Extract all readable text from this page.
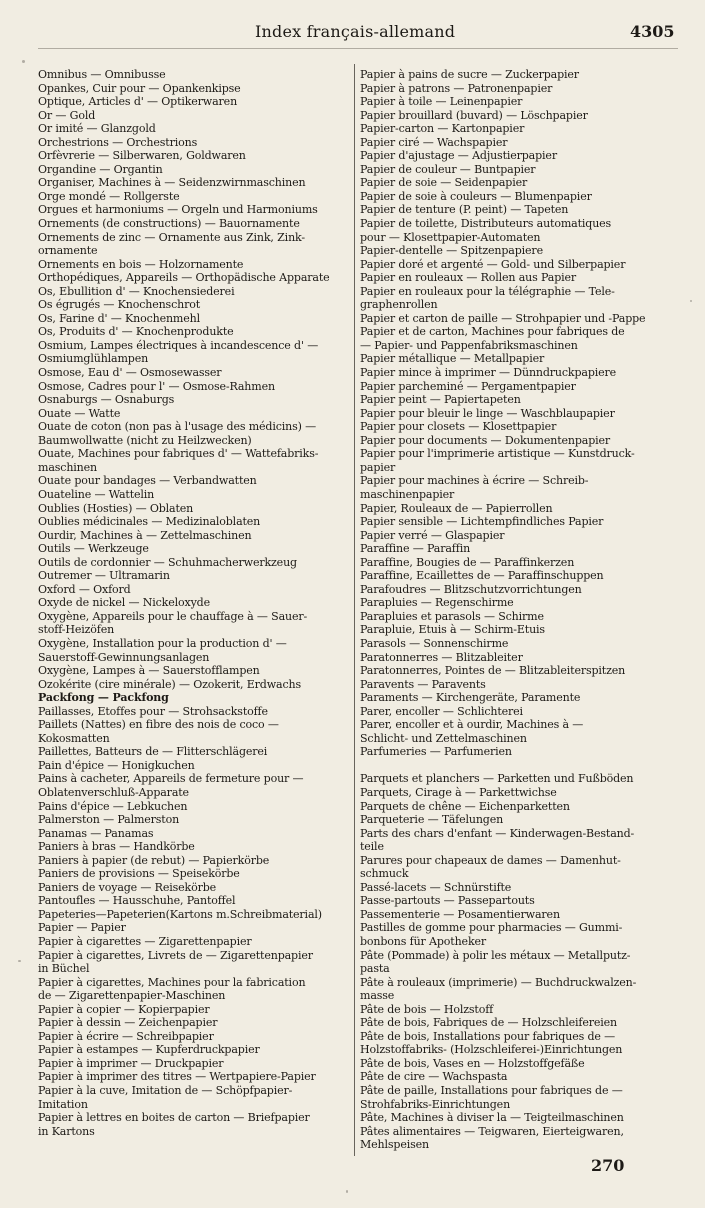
Index français-allemand	4305
Omnibus — Omnibusse
Opankes, Cuir pour — Opankenkipse
Optique, Articles d' — Optikerwaren
Or — Gold
Or imité — Glanzgold
Orchestrions — Orchestrions
Orfèvrerie — Silberwaren, Goldwaren
Organdine — Organtin
Organiser, Machines à — Seidenzwirnmaschinen
Orge mondé — Rollgerste
Orgues et harmoniums — Orgeln und Harmoniums
Ornements (de constructions) — Bauornamente
Ornements de zinc — Ornamente aus Zink, Zink-
ornamente
Ornements en bois — Holzornamente
Orthopédiques, Appareils — Orthopädische Apparate
Os, Ebullition d' — Knochensiederei
Os égrugés — Knochenschrot
Os, Farine d' — Knochenmehl
Os, Produits d' — Knochenprodukte
Osmium, Lampes électriques à incandescence d' —
Osmiumglühlampen
Osmose, Eau d' — Osmosewasser
Osmose, Cadres pour l' — Osmose-Rahmen
Osnaburgs — Osnaburgs
Ouate — Watte
Ouate de coton (non pas à l'usage des médicins) —
Baumwollwatte (nicht zu Heilzwecken)
Ouate, Machines pour fabriques d' — Wattefabriks-
maschinen
Ouate pour bandages — Verbandwatten
Ouateline — Wattelin
Oublies (Hosties) — Oblaten
Oublies médicinales — Medizinaloblaten
Ourdir, Machines à — Zettelmaschinen
Outils — Werkzeuge
Outils de cordonnier — Schuhmacherwerkzeug
Outremer — Ultramarin
Oxford — Oxford
Oxyde de nickel — Nickeloxyde
Oxygène, Appareils pour le chauffage à — Sauer-
stoff-Heizöfen
Oxygène, Installation pour la production d' —
Sauerstoff-Gewinnungsanlagen
Oxygène, Lampes à — Sauerstofflampen
Ozokérite (cire minérale) — Ozokerit, Erdwachs
Packfong — Packfong
Paillasses, Etoffes pour — Strohsackstoffe
Paillets (Nattes) en fibre des nois de coco —
Kokosmatten
Paillettes, Batteurs de — Flitterschlägerei
Pain d'épice — Honigkuchen
Pains à cacheter, Appareils de fermeture pour —
Oblatenverschluß-Apparate
Pains d'épice — Lebkuchen
Palmerston — Palmerston
Panamas — Panamas
Paniers à bras — Handkörbe
Paniers à papier (de rebut) — Papierkörbe
Paniers de provisions — Speisekörbe
Paniers de voyage — Reisekörbe
Pantoufles — Hausschuhe, Pantoffel
Papeteries—Papeterien(Kartons m.Schreibmaterial)
Papier — Papier
Papier à cigarettes — Zigarettenpapier
Papier à cigarettes, Livrets de — Zigarettenpapier
in Büchel
Papier à cigarettes, Machines pour la fabrication
de — Zigarettenpapier-Maschinen
Papier à copier — Kopierpapier
Papier à dessin — Zeichenpapier
Papier à écrire — Schreibpapier
Papier à estampes — Kupferdruckpapier
Papier à imprimer — Druckpapier
Papier à imprimer des titres — Wertpapiere-Papier
Papier à la cuve, Imitation de — Schöpfpapier-
Imitation
Papier à lettres en boites de carton — Briefpapier
in Kartons
Papier à pains de sucre — Zuckerpapier
Papier à patrons — Patronenpapier
Papier à toile — Leinenpapier
Papier brouillard (buvard) — Löschpapier
Papier-carton — Kartonpapier
Papier ciré — Wachspapier
Papier d'ajustage — Adjustierpapier
Papier de couleur — Buntpapier
Papier de soie — Seidenpapier
Papier de soie à couleurs — Blumenpapier
Papier de tenture (P. peint) — Tapeten
Papier de toilette, Distributeurs automatiques
pour — Klosettpapier-Automaten
Papier-dentelle — Spitzenpapiere
Papier doré et argenté — Gold- und Silberpapier
Papier en rouleaux — Rollen aus Papier
Papier en rouleaux pour la télégraphie — Tele-
graphenrollen
Papier et carton de paille — Strohpapier und -Pappe
Papier et de carton, Machines pour fabriques de
— Papier- und Pappenfabriksmaschinen
Papier métallique — Metallpapier
Papier mince à imprimer — Dünndruckpapiere
Papier parcheminé — Pergamentpapier
Papier peint — Papiertapeten
Papier pour bleuir le linge — Waschblaupapier
Papier pour closets — Klosettpapier
Papier pour documents — Dokumentenpapier
Papier pour l'imprimerie artistique — Kunstdruck-
papier
Papier pour machines à écrire — Schreib-
maschinenpapier
Papier, Rouleaux de — Papierrollen
Papier sensible — Lichtempfindliches Papier
Papier verré — Glaspapier
Paraffine — Paraffin
Paraffine, Bougies de — Paraffinkerzen
Paraffine, Ecaillettes de — Paraffinschuppen
Parafoudres — Blitzschutzvorrichtungen
Parapluies — Regenschirme
Parapluies et parasols — Schirme
Parapluie, Etuis à — Schirm-Etuis
Parasols — Sonnenschirme
Paratonnerres — Blitzableiter
Paratonnerres, Pointes de — Blitzableiterspitzen
Paravents — Paravents
Paraments — Kirchengeräte, Paramente
Parer, encoller — Schlichterei
Parer, encoller et à ourdir, Machines à —
Schlicht- und Zettelmaschinen
Parfumeries — Parfumerien

Parquets et planchers — Parketten und Fußböden
Parquets, Cirage à — Parkettwichse
Parquets de chêne — Eichenparketten
Parqueterie — Täfelungen
Parts des chars d'enfant — Kinderwagen-Bestand-
teile
Parures pour chapeaux de dames — Damenhut-
schmuck
Passé-lacets — Schnürstifte
Passe-partouts — Passepartouts
Passementerie — Posamentierwaren
Pastilles de gomme pour pharmacies — Gummi-
bonbons für Apotheker
Pâte (Pommade) à polir les métaux — Metallputz-
pasta
Pâte à rouleaux (imprimerie) — Buchdruckwalzen-
masse
Pâte de bois — Holzstoff
Pâte de bois, Fabriques de — Holzschleifereien
Pâte de bois, Installations pour fabriques de —
Holzstoffabriks- (Holzschleiferei-)Einrichtungen
Pâte de bois, Vases en — Holzstoffgefäße
Pâte de cire — Wachspasta
Pâte de paille, Installations pour fabriques de —
Strohfabriks-Einrichtungen
Pâte, Machines à diviser la — Teigteilmaschinen
Pâtes alimentaires — Teigwaren, Eierteigwaren,
Mehlspeisen
270
